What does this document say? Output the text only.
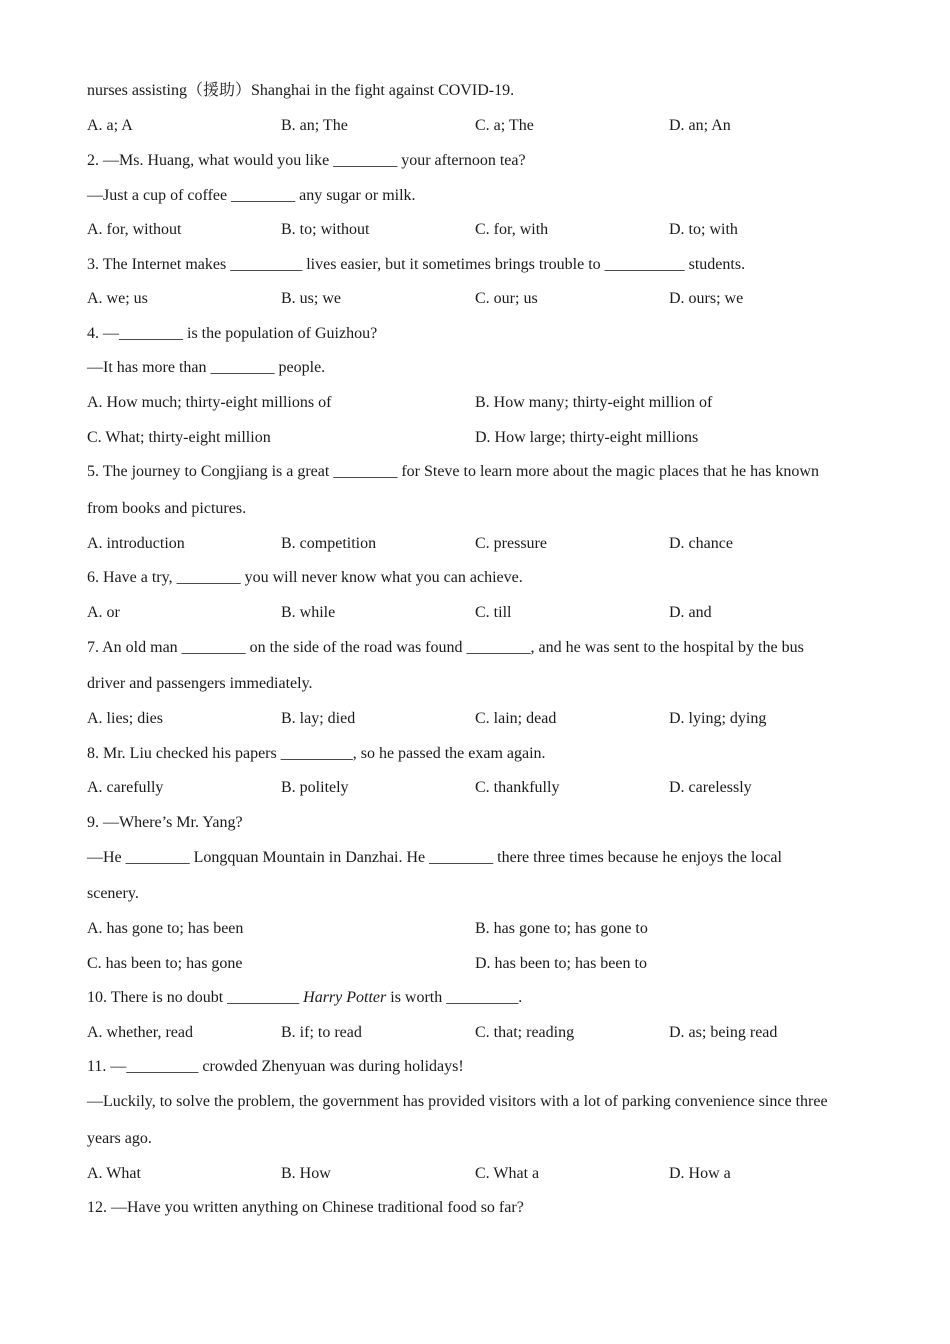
nurses assisting（援助）Shanghai in the fight against COVID-19.
A. a; A	B. an; The	C. a; The	D. an; An
2. —Ms. Huang, what would you like ________ your afternoon tea?
—Just a cup of coffee ________ any sugar or milk.
A. for, without	B. to; without	C. for, with	D. to; with
3. The Internet makes _________ lives easier, but it sometimes brings trouble to __________ students.
A. we; us	B. us; we	C. our; us	D. ours; we
4. —________ is the population of Guizhou?
—It has more than ________ people.
A. How much; thirty-eight millions of	B. How many; thirty-eight million of
C. What; thirty-eight million	D. How large; thirty-eight millions
5. The journey to Congjiang is a great ________ for Steve to learn more about the magic places that he has known
from books and pictures.
A. introduction	B. competition	C. pressure	D. chance
6. Have a try, ________ you will never know what you can achieve.
A. or	B. while	C. till	D. and
7. An old man ________ on the side of the road was found ________, and he was sent to the hospital by the bus
driver and passengers immediately.
A. lies; dies	B. lay; died	C. lain; dead	D. lying; dying
8. Mr. Liu checked his papers _________, so he passed the exam again.
A. carefully	B. politely	C. thankfully	D. carelessly
9. —Where’s Mr. Yang?
—He ________ Longquan Mountain in Danzhai. He ________ there three times because he enjoys the local
scenery.
A. has gone to; has been	B. has gone to; has gone to
C. has been to; has gone	D. has been to; has been to
10. There is no doubt _________ Harry Potter is worth _________.
A. whether, read	B. if; to read	C. that; reading	D. as; being read
11. —_________ crowded Zhenyuan was during holidays!
—Luckily, to solve the problem, the government has provided visitors with a lot of parking convenience since three
years ago.
A. What	B. How	C. What a	D. How a
12. —Have you written anything on Chinese traditional food so far?
